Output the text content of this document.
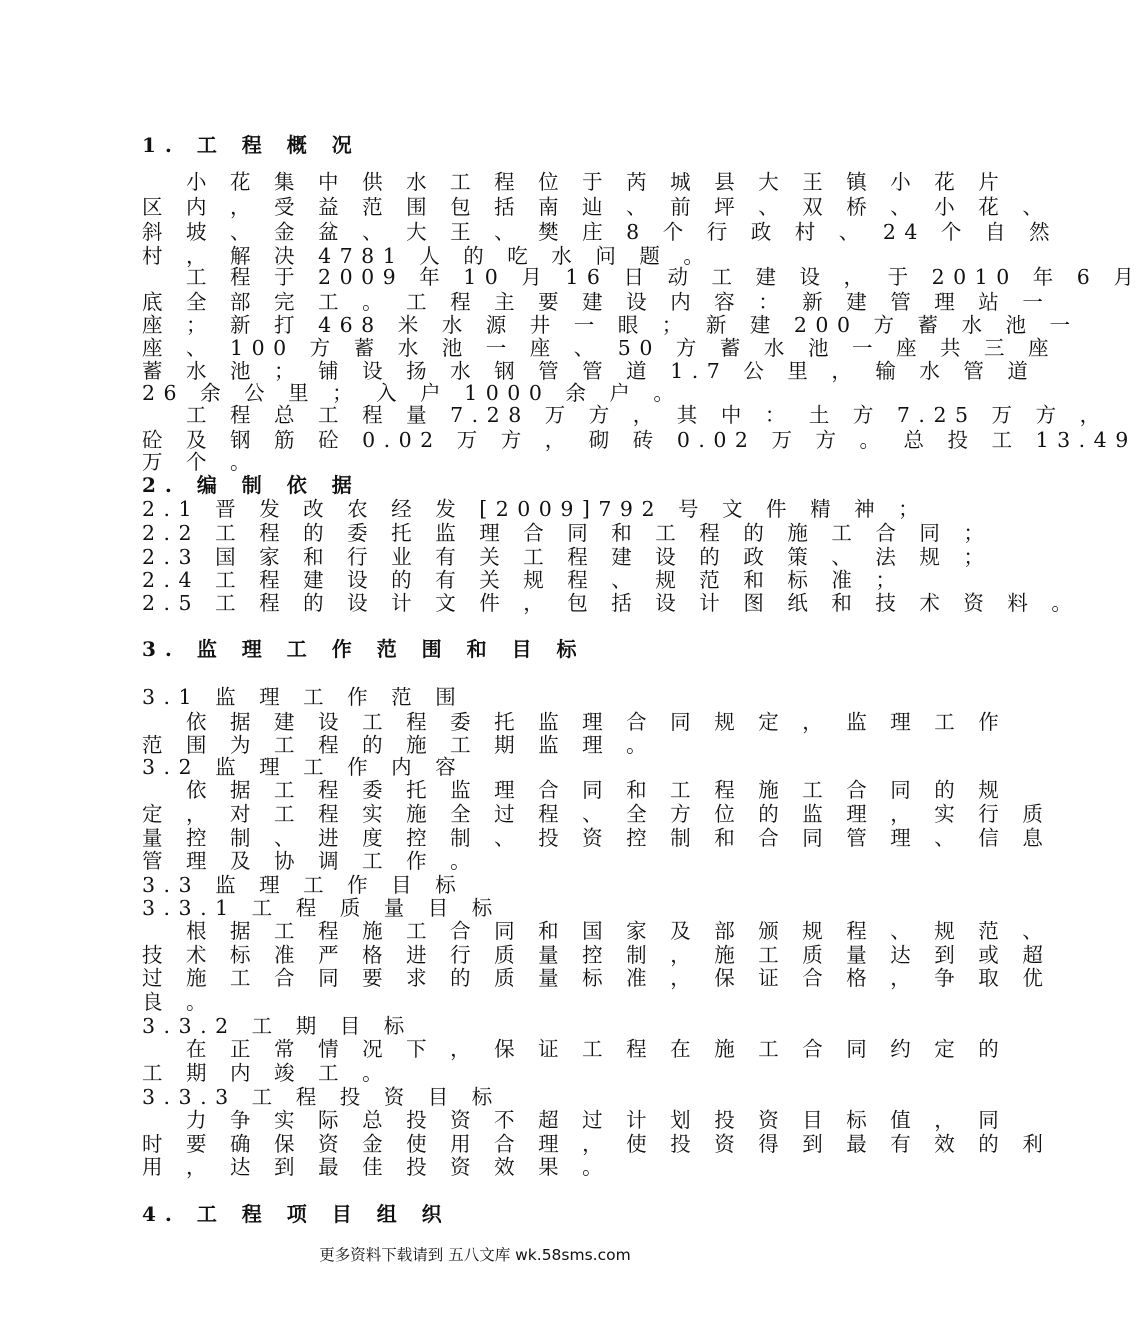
1. 工 程 概 况
小 花 集 中 供 水 工 程 位 于 芮 城 县 大 王 镇 小 花 片
区 内 ， 受 益 范 围 包 括 南 辿 、 前 坪 、 双 桥 、 小 花 、
斜 坡 、 金 盆 、 大 王 、 樊 庄 8 个 行 政 村 、 24 个 自 然
村 ， 解 决 4781 人 的 吃 水 问 题 。
工 程 于 2009 年 10 月 16 日 动 工 建 设 ， 于 2010 年 6 月
底 全 部 完 工 。 工 程 主 要 建 设 内 容 ： 新 建 管 理 站 一
座 ； 新 打 468 米 水 源 井 一 眼 ； 新 建 200 方 蓄 水 池 一
座 、 100 方 蓄 水 池 一 座 、 50 方 蓄 水 池 一 座 共 三 座
蓄 水 池 ； 铺 设 扬 水 钢 管 管 道 1.7 公 里 ， 输 水 管 道
26 余 公 里 ； 入 户 1000 余 户 。
工 程 总 工 程 量 7.28 万 方 ， 其 中 ： 土 方 7.25 万 方 ，
砼 及 钢 筋 砼 0.02 万 方 ， 砌 砖 0.02 万 方 。 总 投 工 13.49
万 个 。
2. 编 制 依 据
2.1 晋 发 改 农 经 发 [2009]792 号 文 件 精 神 ；
2.2 工 程 的 委 托 监 理 合 同 和 工 程 的 施 工 合 同 ；
2.3 国 家 和 行 业 有 关 工 程 建 设 的 政 策 、 法 规 ；
2.4 工 程 建 设 的 有 关 规 程 、 规 范 和 标 准 ；
2.5 工 程 的 设 计 文 件 ， 包 括 设 计 图 纸 和 技 术 资 料 。
3. 监 理 工 作 范 围 和 目 标
3.1 监 理 工 作 范 围
依 据 建 设 工 程 委 托 监 理 合 同 规 定 ， 监 理 工 作
范 围 为 工 程 的 施 工 期 监 理 。
3.2 监 理 工 作 内 容
依 据 工 程 委 托 监 理 合 同 和 工 程 施 工 合 同 的 规
定 ， 对 工 程 实 施 全 过 程 、 全 方 位 的 监 理 ， 实 行 质
量 控 制 、 进 度 控 制 、 投 资 控 制 和 合 同 管 理 、 信 息
管 理 及 协 调 工 作 。
3.3 监 理 工 作 目 标
3.3.1 工 程 质 量 目 标
根 据 工 程 施 工 合 同 和 国 家 及 部 颁 规 程 、 规 范 、
技 术 标 准 严 格 进 行 质 量 控 制 ， 施 工 质 量 达 到 或 超
过 施 工 合 同 要 求 的 质 量 标 准 ， 保 证 合 格 ， 争 取 优
良 。
3.3.2 工 期 目 标
在 正 常 情 况 下 ， 保 证 工 程 在 施 工 合 同 约 定 的
工 期 内 竣 工 。
3.3.3 工 程 投 资 目 标
力 争 实 际 总 投 资 不 超 过 计 划 投 资 目 标 值 ， 同
时 要 确 保 资 金 使 用 合 理 ， 使 投 资 得 到 最 有 效 的 利
用 ， 达 到 最 佳 投 资 效 果 。
4. 工 程 项 目 组 织
更多资料下载请到 五八文库 wk.58sms.com
